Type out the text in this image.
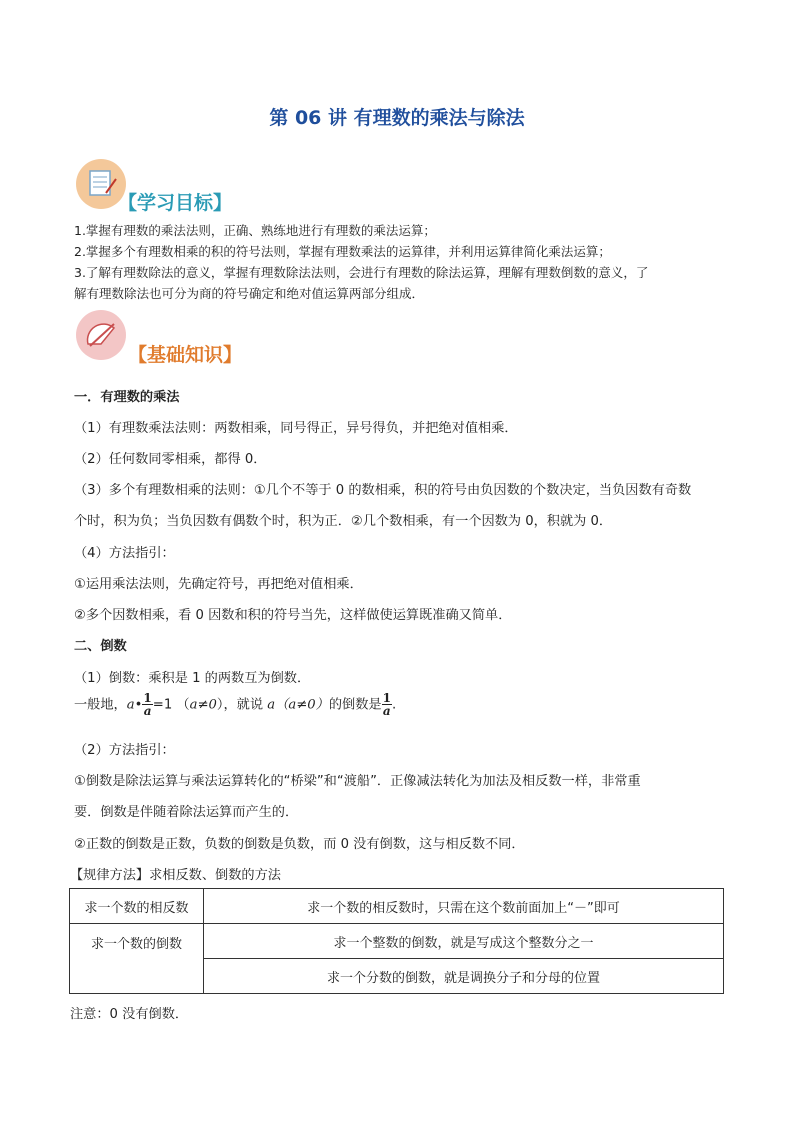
第 06 讲 有理数的乘法与除法
【学习目标】
1.掌握有理数的乘法法则，正确、熟练地进行有理数的乘法运算；
2.掌握多个有理数相乘的积的符号法则，掌握有理数乘法的运算律，并利用运算律简化乘法运算；
3.了解有理数除法的意义，掌握有理数除法法则，会进行有理数的除法运算，理解有理数倒数的意义，了
解有理数除法也可分为商的符号确定和绝对值运算两部分组成．
【基础知识】
一．有理数的乘法
（1）有理数乘法法则：两数相乘，同号得正，异号得负，并把绝对值相乘．
（2）任何数同零相乘，都得 0．
（3）多个有理数相乘的法则：①几个不等于 0 的数相乘，积的符号由负因数的个数决定，当负因数有奇数
个时，积为负；当负因数有偶数个时，积为正．②几个数相乘，有一个因数为 0，积就为 0．
（4）方法指引：
①运用乘法法则，先确定符号，再把绝对值相乘．
②多个因数相乘，看 0 因数和积的符号当先，这样做使运算既准确又简单．
二、倒数
（1）倒数：乘积是 1 的两数互为倒数．
一般地，a• $\frac{1}{a} =1$ （a≠0），就说 a（a≠0）的倒数是 $\frac{1}{a}$ .
（2）方法指引：
①倒数是除法运算与乘法运算转化的“桥梁”和“渡船”．正像减法转化为加法及相反数一样，非常重
要．倒数是伴随着除法运算而产生的．
②正数的倒数是正数，负数的倒数是负数，而 0 没有倒数，这与相反数不同．
【规律方法】求相反数、倒数的方法
求一个数的相反数	求一个数的相反数时，只需在这个数前面加上“－”即可
求一个数的倒数	求一个整数的倒数，就是写成这个整数分之一
	求一个分数的倒数，就是调换分子和分母的位置
注意：0 没有倒数．
